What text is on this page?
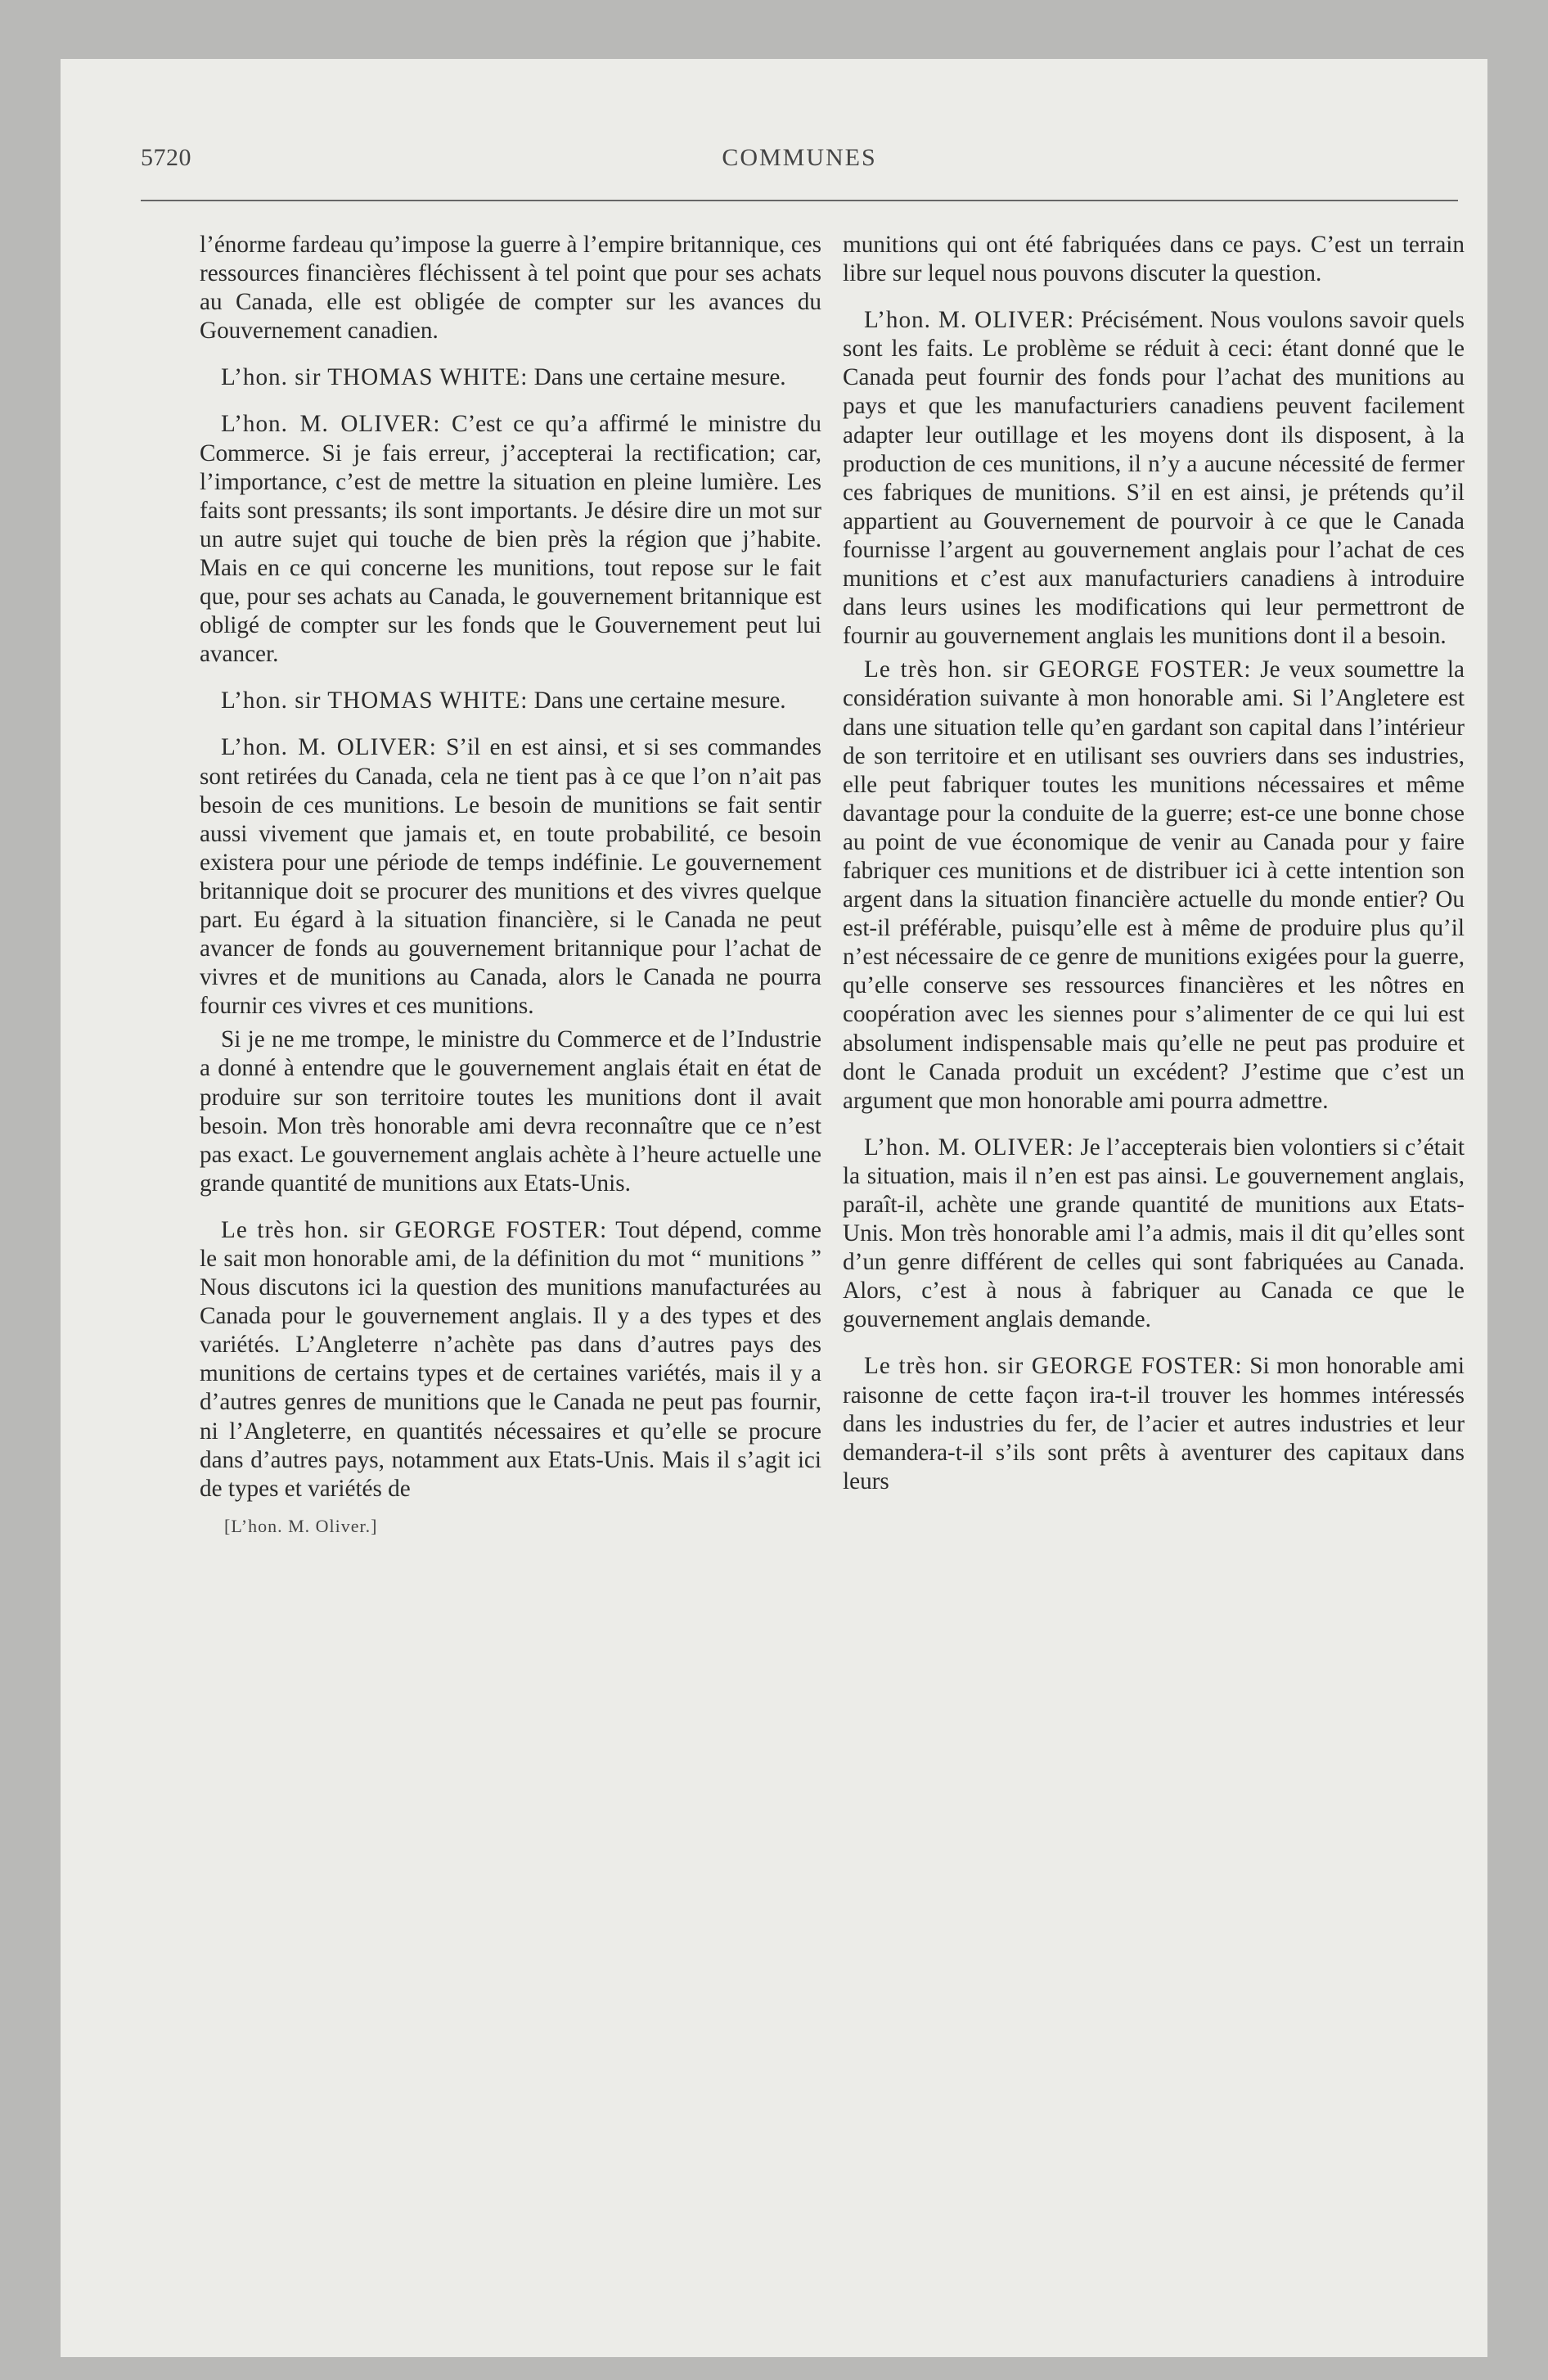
5720	COMMUNES

l’énorme fardeau qu’impose la guerre à l’empire britannique, ces ressources financières fléchissent à tel point que pour ses achats au Canada, elle est obligée de compter sur les avances du Gouvernement canadien.

L’hon. sir THOMAS WHITE: Dans une certaine mesure.

L’hon. M. OLIVER: C’est ce qu’a affirmé le ministre du Commerce. Si je fais erreur, j’accepterai la rectification; car, l’importance, c’est de mettre la situation en pleine lumière. Les faits sont pressants; ils sont importants. Je désire dire un mot sur un autre sujet qui touche de bien près la région que j’habite. Mais en ce qui concerne les munitions, tout repose sur le fait que, pour ses achats au Canada, le gouvernement britannique est obligé de compter sur les fonds que le Gouvernement peut lui avancer.

L’hon. sir THOMAS WHITE: Dans une certaine mesure.

L’hon. M. OLIVER: S’il en est ainsi, et si ses commandes sont retirées du Canada, cela ne tient pas à ce que l’on n’ait pas besoin de ces munitions. Le besoin de munitions se fait sentir aussi vivement que jamais et, en toute probabilité, ce besoin existera pour une période de temps indéfinie. Le gouvernement britannique doit se procurer des munitions et des vivres quelque part. Eu égard à la situation financière, si le Canada ne peut avancer de fonds au gouvernement britannique pour l’achat de vivres et de munitions au Canada, alors le Canada ne pourra fournir ces vivres et ces munitions.

Si je ne me trompe, le ministre du Commerce et de l’Industrie a donné à entendre que le gouvernement anglais était en état de produire sur son territoire toutes les munitions dont il avait besoin. Mon très honorable ami devra reconnaître que ce n’est pas exact. Le gouvernement anglais achète à l’heure actuelle une grande quantité de munitions aux Etats-Unis.

Le très hon. sir GEORGE FOSTER: Tout dépend, comme le sait mon honorable ami, de la définition du mot “ munitions ” Nous discutons ici la question des munitions manufacturées au Canada pour le gouvernement anglais. Il y a des types et des variétés. L’Angleterre n’achète pas dans d’autres pays des munitions de certains types et de certaines variétés, mais il y a d’autres genres de munitions que le Canada ne peut pas fournir, ni l’Angleterre, en quantités nécessaires et qu’elle se procure dans d’autres pays, notamment aux Etats-Unis. Mais il s’agit ici de types et variétés de

[L’hon. M. Oliver.]

munitions qui ont été fabriquées dans ce pays. C’est un terrain libre sur lequel nous pouvons discuter la question.

L’hon. M. OLIVER: Précisément. Nous voulons savoir quels sont les faits. Le problème se réduit à ceci: étant donné que le Canada peut fournir des fonds pour l’achat des munitions au pays et que les manufacturiers canadiens peuvent facilement adapter leur outillage et les moyens dont ils disposent, à la production de ces munitions, il n’y a aucune nécessité de fermer ces fabriques de munitions. S’il en est ainsi, je prétends qu’il appartient au Gouvernement de pourvoir à ce que le Canada fournisse l’argent au gouvernement anglais pour l’achat de ces munitions et c’est aux manufacturiers canadiens à introduire dans leurs usines les modifications qui leur permettront de fournir au gouvernement anglais les munitions dont il a besoin.

Le très hon. sir GEORGE FOSTER: Je veux soumettre la considération suivante à mon honorable ami. Si l’Angletere est dans une situation telle qu’en gardant son capital dans l’intérieur de son territoire et en utilisant ses ouvriers dans ses industries, elle peut fabriquer toutes les munitions nécessaires et même davantage pour la conduite de la guerre; est-ce une bonne chose au point de vue économique de venir au Canada pour y faire fabriquer ces munitions et de distribuer ici à cette intention son argent dans la situation financière actuelle du monde entier? Ou est-il préférable, puisqu’elle est à même de produire plus qu’il n’est nécessaire de ce genre de munitions exigées pour la guerre, qu’elle conserve ses ressources financières et les nôtres en coopération avec les siennes pour s’alimenter de ce qui lui est absolument indispensable mais qu’elle ne peut pas produire et dont le Canada produit un excédent? J’estime que c’est un argument que mon honorable ami pourra admettre.

L’hon. M. OLIVER: Je l’accepterais bien volontiers si c’était la situation, mais il n’en est pas ainsi. Le gouvernement anglais, paraît-il, achète une grande quantité de munitions aux Etats-Unis. Mon très honorable ami l’a admis, mais il dit qu’elles sont d’un genre différent de celles qui sont fabriquées au Canada. Alors, c’est à nous à fabriquer au Canada ce que le gouvernement anglais demande.

Le très hon. sir GEORGE FOSTER: Si mon honorable ami raisonne de cette façon ira-t-il trouver les hommes intéressés dans les industries du fer, de l’acier et autres industries et leur demandera-t-il s’ils sont prêts à aventurer des capitaux dans leurs
